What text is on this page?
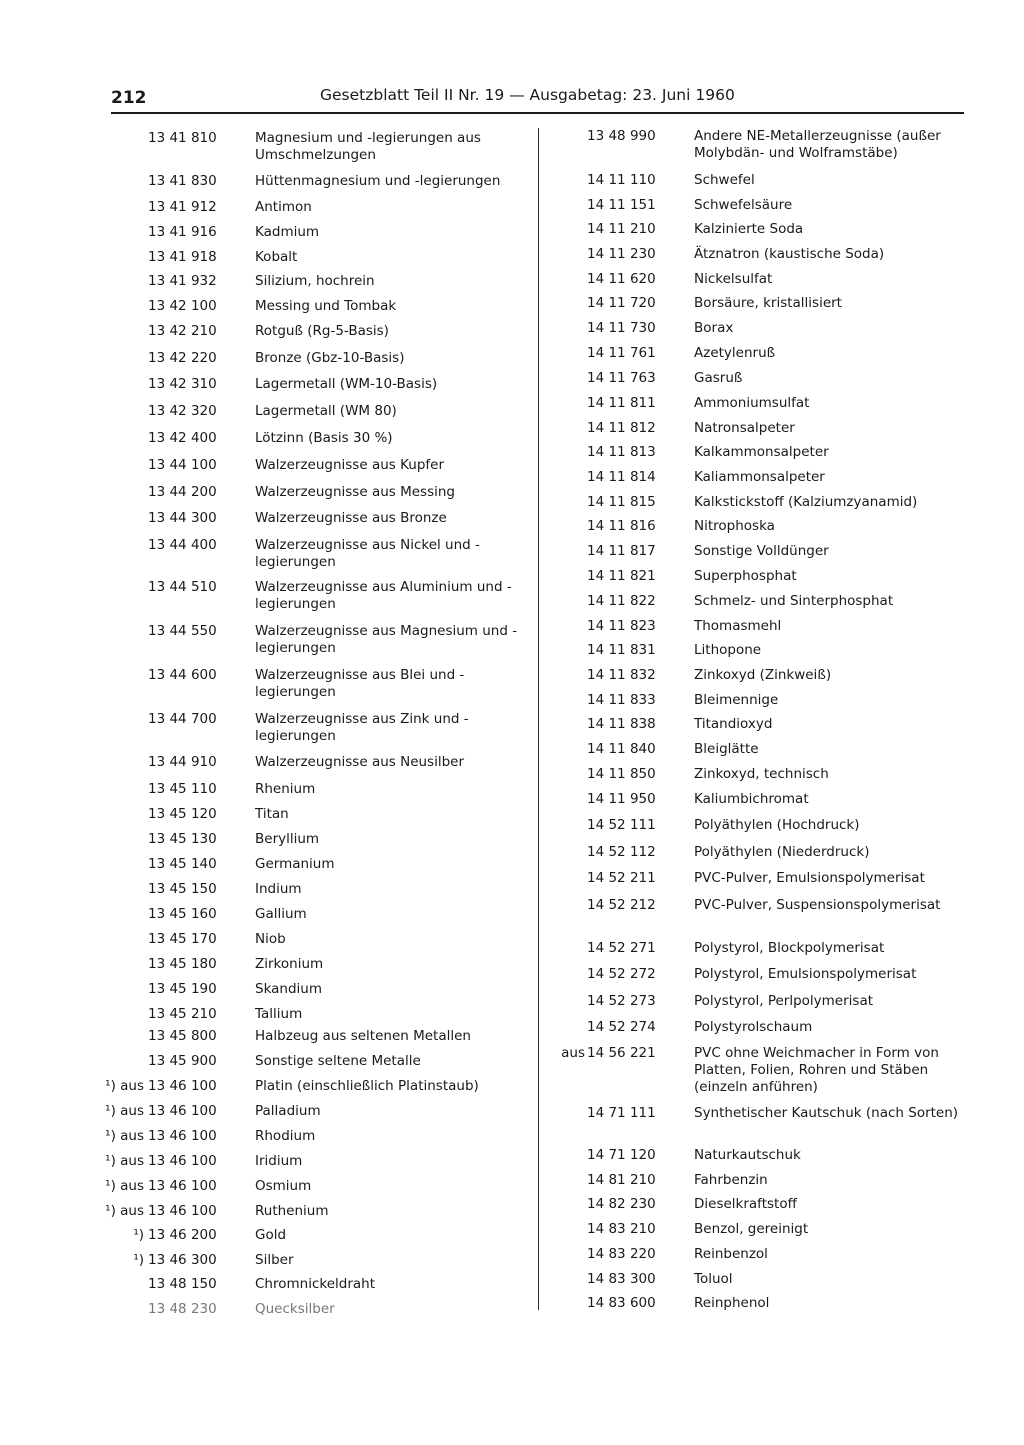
212	Gesetzblatt Teil II Nr. 19 — Ausgabetag: 23. Juni 1960
13 41 810	Magnesium und -legierungen aus Umschmelzungen
13 41 830	Hüttenmagnesium und -legierungen
13 41 912	Antimon
13 41 916	Kadmium
13 41 918	Kobalt
13 41 932	Silizium, hochrein
13 42 100	Messing und Tombak
13 42 210	Rotguß (Rg-5-Basis)
13 42 220	Bronze (Gbz-10-Basis)
13 42 310	Lagermetall (WM-10-Basis)
13 42 320	Lagermetall (WM 80)
13 42 400	Lötzinn (Basis 30 %)
13 44 100	Walzerzeugnisse aus Kupfer
13 44 200	Walzerzeugnisse aus Messing
13 44 300	Walzerzeugnisse aus Bronze
13 44 400	Walzerzeugnisse aus Nickel und -legierungen
13 44 510	Walzerzeugnisse aus Aluminium und -legierungen
13 44 550	Walzerzeugnisse aus Magnesium und -legierungen
13 44 600	Walzerzeugnisse aus Blei und -legierungen
13 44 700	Walzerzeugnisse aus Zink und -legierungen
13 44 910	Walzerzeugnisse aus Neusilber
13 45 110	Rhenium
13 45 120	Titan
13 45 130	Beryllium
13 45 140	Germanium
13 45 150	Indium
13 45 160	Gallium
13 45 170	Niob
13 45 180	Zirkonium
13 45 190	Skandium
13 45 210	Tallium
13 45 800	Halbzeug aus seltenen Metallen
13 45 900	Sonstige seltene Metalle
¹) aus 13 46 100	Platin (einschließlich Platinstaub)
¹) aus 13 46 100	Palladium
¹) aus 13 46 100	Rhodium
¹) aus 13 46 100	Iridium
¹) aus 13 46 100	Osmium
¹) aus 13 46 100	Ruthenium
¹) 13 46 200	Gold
¹) 13 46 300	Silber
13 48 150	Chromnickeldraht
13 48 230	Quecksilber
13 48 990	Andere NE-Metallerzeugnisse (außer Molybdän- und Wolframstäbe)
14 11 110	Schwefel
14 11 151	Schwefelsäure
14 11 210	Kalzinierte Soda
14 11 230	Ätznatron (kaustische Soda)
14 11 620	Nickelsulfat
14 11 720	Borsäure, kristallisiert
14 11 730	Borax
14 11 761	Azetylenruß
14 11 763	Gasruß
14 11 811	Ammoniumsulfat
14 11 812	Natronsalpeter
14 11 813	Kalkammonsalpeter
14 11 814	Kaliammonsalpeter
14 11 815	Kalkstickstoff (Kalziumzyanamid)
14 11 816	Nitrophoska
14 11 817	Sonstige Volldünger
14 11 821	Superphosphat
14 11 822	Schmelz- und Sinterphosphat
14 11 823	Thomasmehl
14 11 831	Lithopone
14 11 832	Zinkoxyd (Zinkweiß)
14 11 833	Bleimennige
14 11 838	Titandioxyd
14 11 840	Bleiglätte
14 11 850	Zinkoxyd, technisch
14 11 950	Kaliumbichromat
14 52 111	Polyäthylen (Hochdruck)
14 52 112	Polyäthylen (Niederdruck)
14 52 211	PVC-Pulver, Emulsionspolymerisat
14 52 212	PVC-Pulver, Suspensionspolymerisat
14 52 271	Polystyrol, Blockpolymerisat
14 52 272	Polystyrol, Emulsionspolymerisat
14 52 273	Polystyrol, Perlpolymerisat
14 52 274	Polystyrolschaum
aus 14 56 221	PVC ohne Weichmacher in Form von Platten, Folien, Rohren und Stäben (einzeln anführen)
14 71 111	Synthetischer Kautschuk (nach Sorten)
14 71 120	Naturkautschuk
14 81 210	Fahrbenzin
14 82 230	Dieselkraftstoff
14 83 210	Benzol, gereinigt
14 83 220	Reinbenzol
14 83 300	Toluol
14 83 600	Reinphenol
